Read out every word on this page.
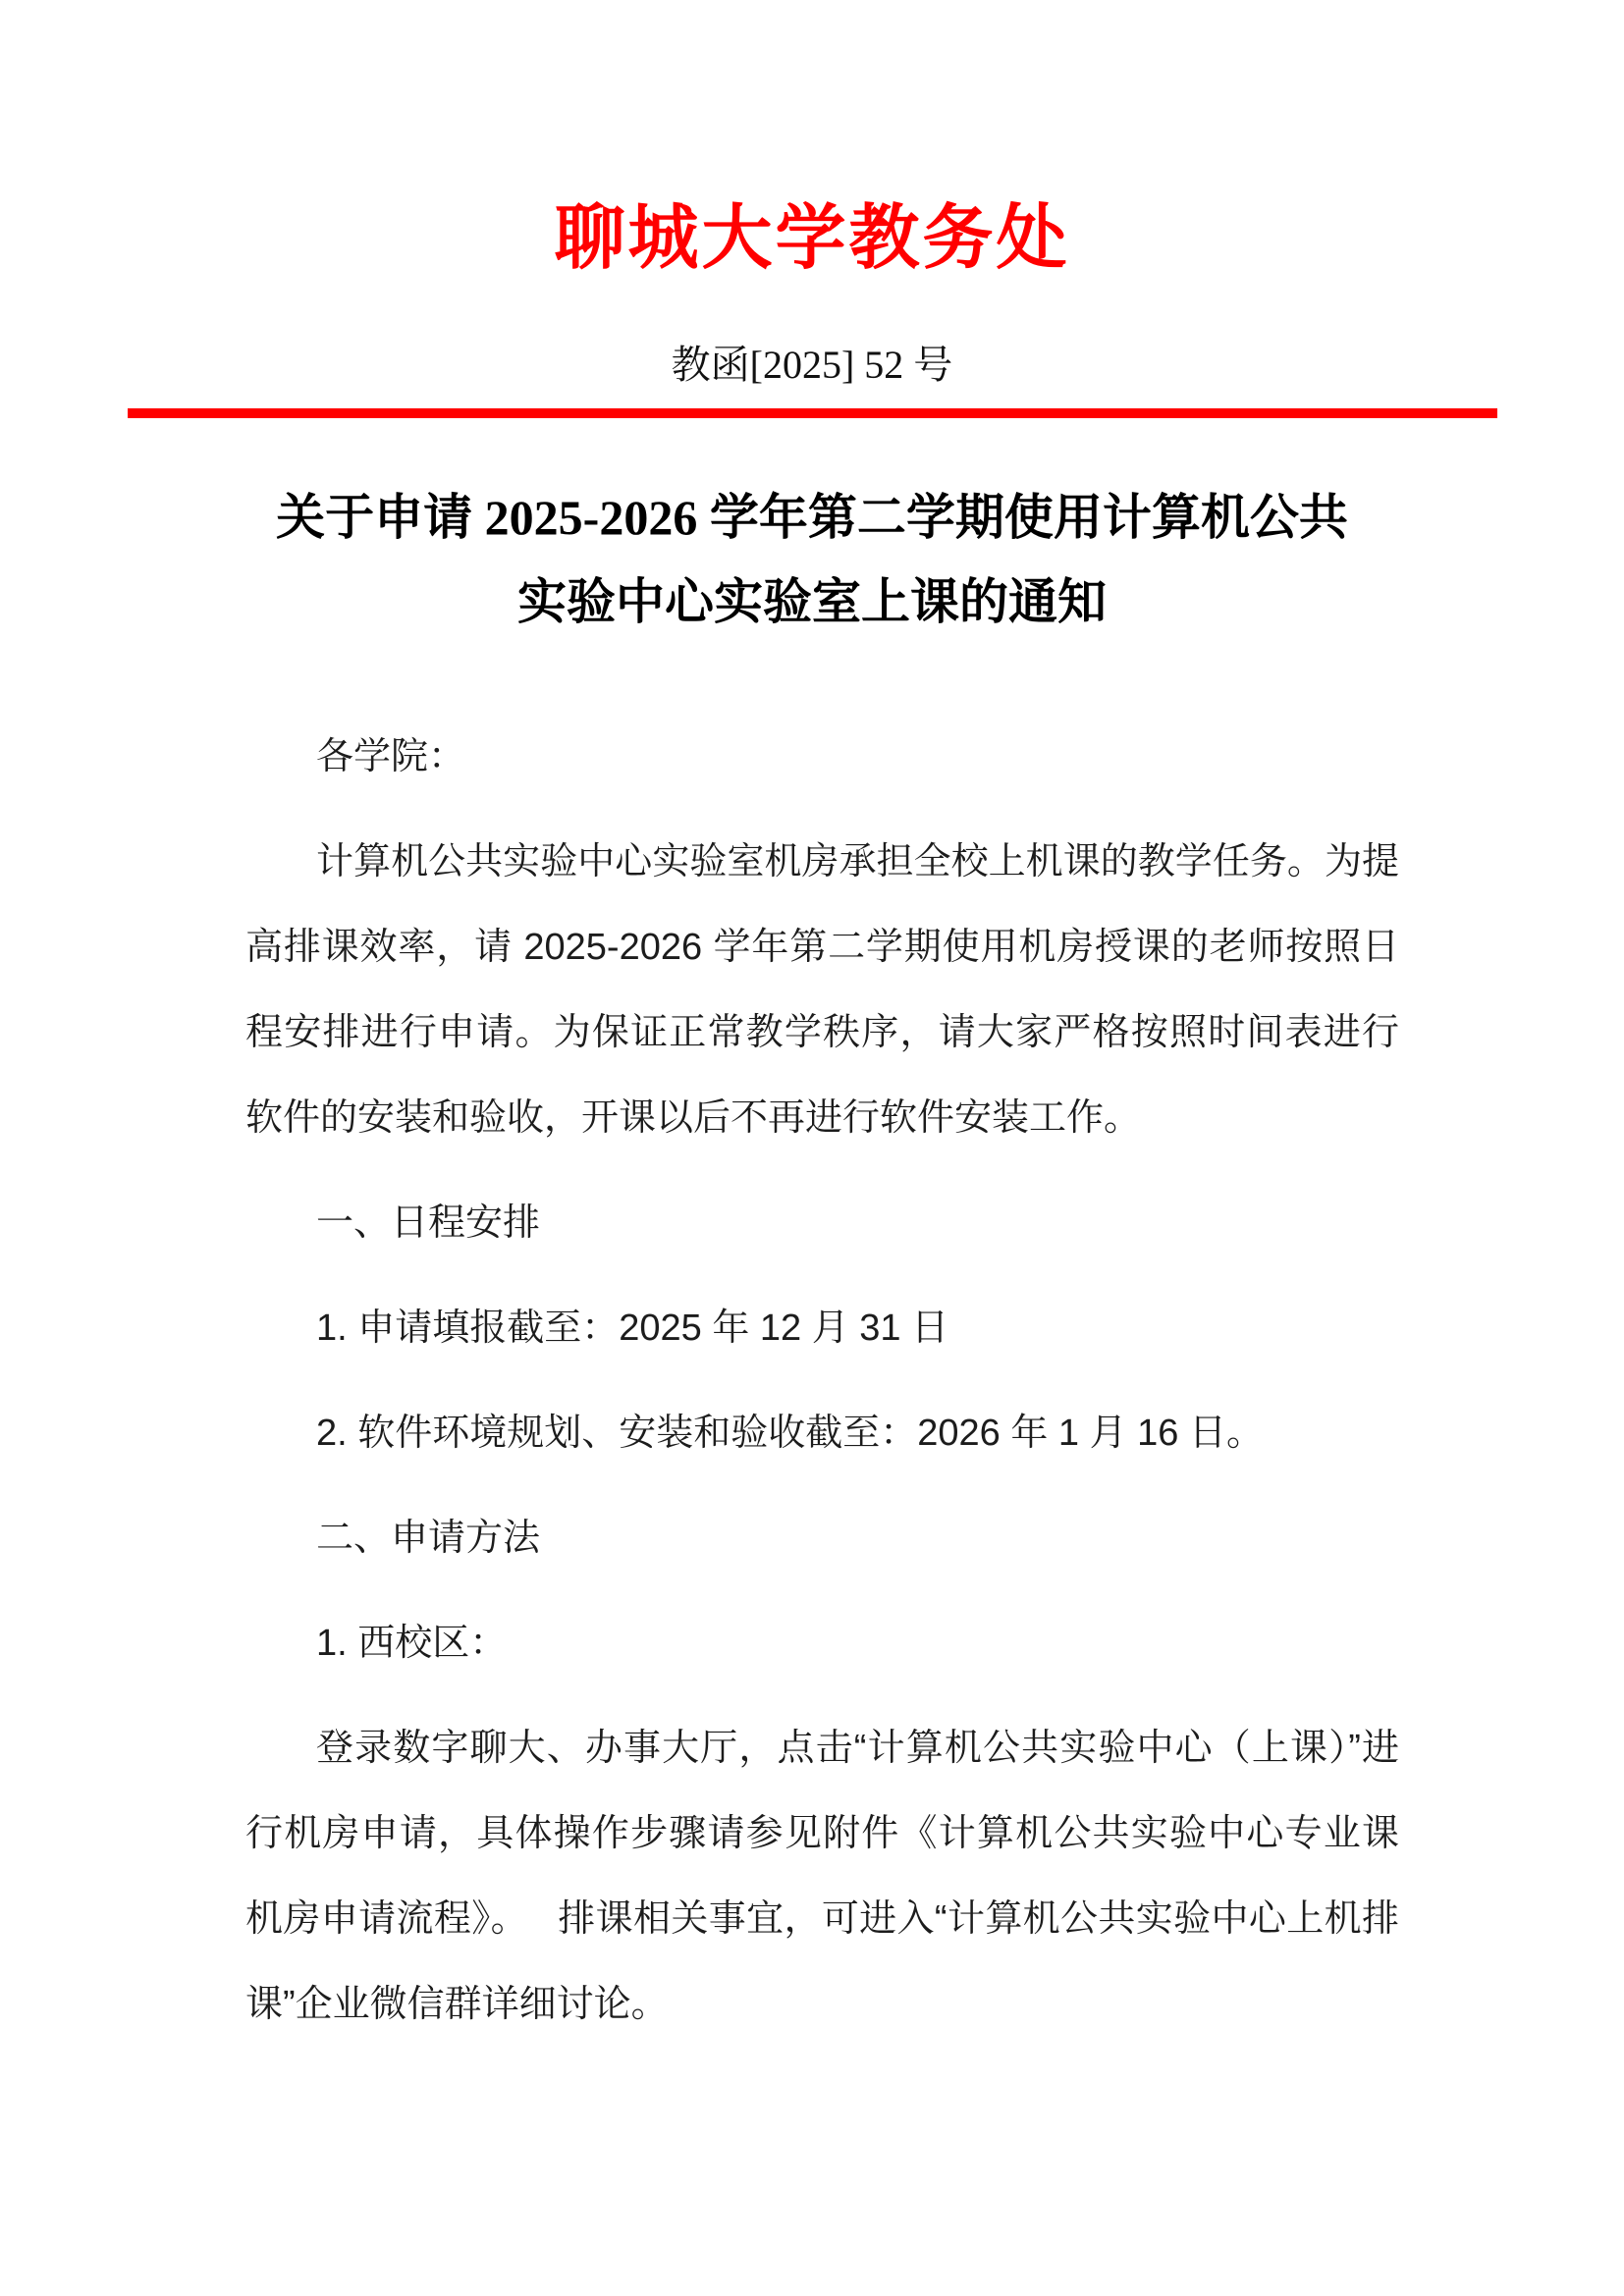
聊城大学教务处
教函[2025] 52 号
关于申请 2025-2026 学年第二学期使用计算机公共
实验中心实验室上课的通知

各学院：

计算机公共实验中心实验室机房承担全校上机课的教学任务。为提高排课效率，请 2025-2026 学年第二学期使用机房授课的老师按照日程安排进行申请。为保证正常教学秩序，请大家严格按照时间表进行软件的安装和验收，开课以后不再进行软件安装工作。

一、日程安排

1. 申请填报截至：2025 年 12 月 31 日

2. 软件环境规划、安装和验收截至：2026 年 1 月 16 日。

二、申请方法

1. 西校区：

登录数字聊大、办事大厅，点击“计算机公共实验中心（上课）”进行机房申请，具体操作步骤请参见附件《计算机公共实验中心专业课机房申请流程》。　 排课相关事宜，可进入“计算机公共实验中心上机排课”企业微信群详细讨论。
